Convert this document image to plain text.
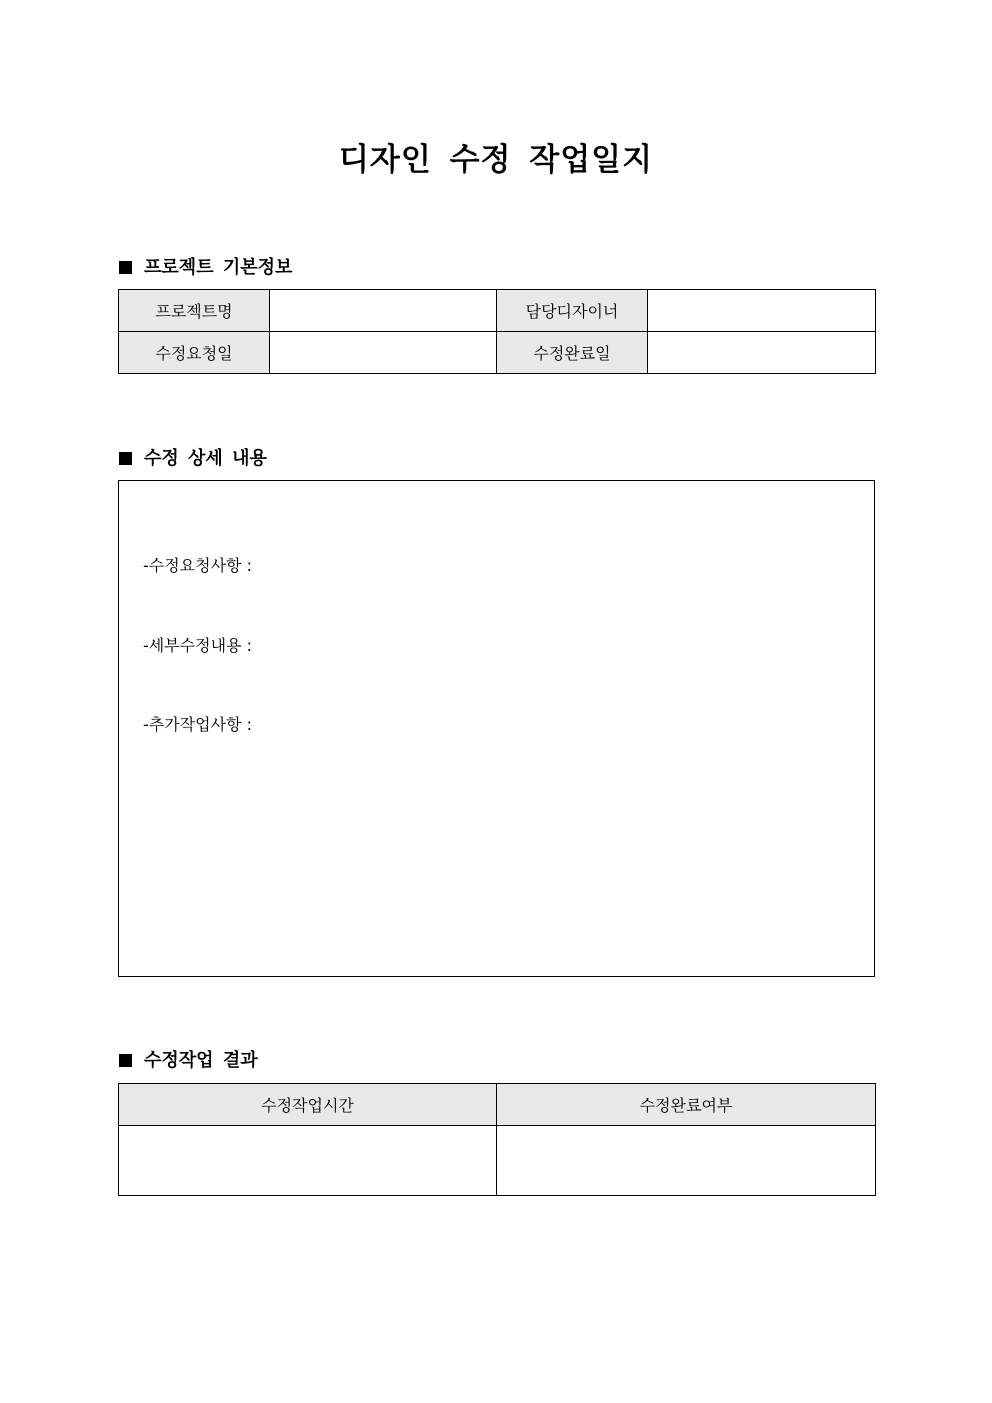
디자인 수정 작업일지
프로젝트 기본정보
프로젝트명		담당디자이너	
수정요청일		수정완료일	
수정 상세 내용

-수정요청사항 :

-세부수정내용 :

-추가작업사항 :

수정작업 결과
수정작업시간	수정완료여부
